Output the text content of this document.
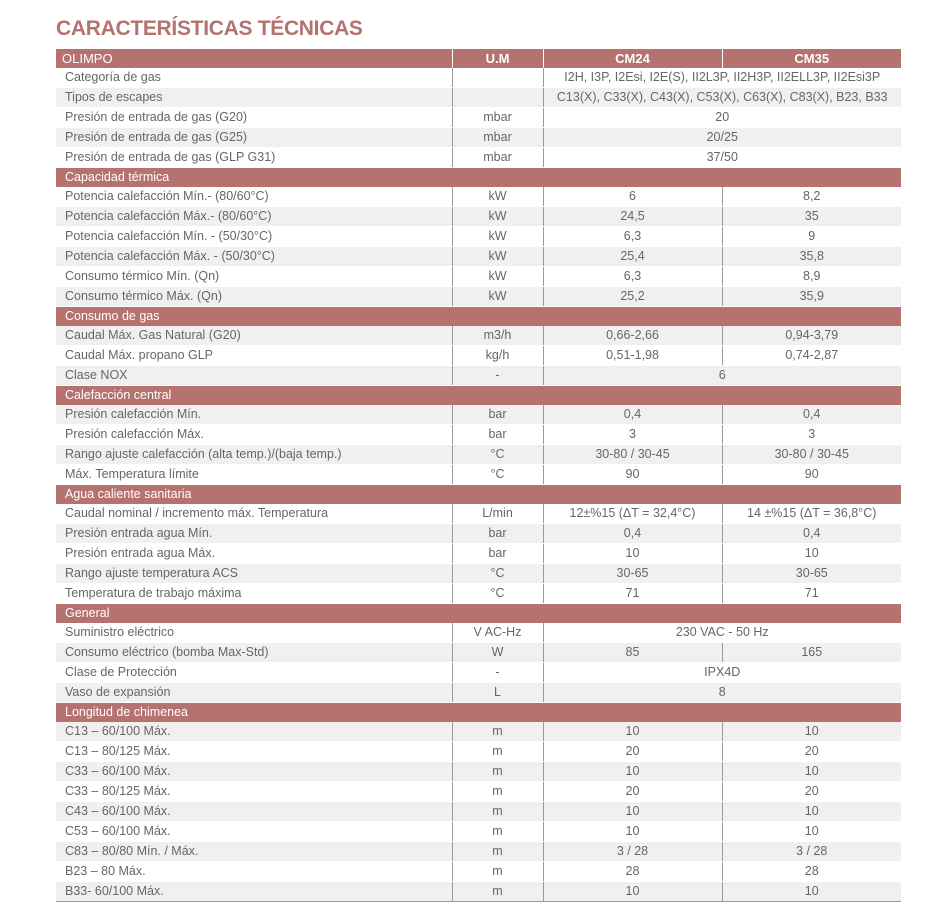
CARACTERÍSTICAS TÉCNICAS
OLIMPO	U.M	CM24	CM35
Categoría de gas		I2H, I3P, I2Esi, I2E(S), II2L3P, II2H3P, II2ELL3P, II2Esi3P	
Tipos de escapes		C13(X), C33(X), C43(X), C53(X), C63(X), C83(X), B23, B33	
Presión de entrada de gas (G20)	mbar	20	
Presión de entrada de gas (G25)	mbar	20/25	
Presión de entrada de gas (GLP G31)	mbar	37/50	
Capacidad térmica			
Potencia calefacción Mín.- (80/60°C)	kW	6	8,2
Potencia calefacción Máx.- (80/60°C)	kW	24,5	35
Potencia calefacción Mín. - (50/30°C)	kW	6,3	9
Potencia calefacción Máx. - (50/30°C)	kW	25,4	35,8
Consumo térmico Mín. (Qn)	kW	6,3	8,9
Consumo térmico Máx. (Qn)	kW	25,2	35,9
Consumo de gas			
Caudal Máx. Gas Natural (G20)	m3/h	0,66-2,66	0,94-3,79
Caudal Máx. propano GLP	kg/h	0,51-1,98	0,74-2,87
Clase NOX	-	6	
Calefacción central			
Presión calefacción Mín.	bar	0,4	0,4
Presión calefacción Máx.	bar	3	3
Rango ajuste calefacción (alta temp.)/(baja temp.)	°C	30-80 / 30-45	30-80 / 30-45
Máx. Temperatura límite	°C	90	90
Agua caliente sanitaria			
Caudal nominal / incremento máx. Temperatura	L/min	12±%15 (ΔT = 32,4°C)	14 ±%15 (ΔT = 36,8°C)
Presión entrada agua Mín.	bar	0,4	0,4
Presión entrada agua Máx.	bar	10	10
Rango ajuste temperatura ACS	°C	30-65	30-65
Temperatura de trabajo máxima	°C	71	71
General			
Suministro eléctrico	V AC-Hz	230 VAC - 50 Hz	
Consumo eléctrico (bomba Max-Std)	W	85	165
Clase de Protección	-	IPX4D	
Vaso de expansión	L	8	
Longitud de chimenea			
C13 – 60/100 Máx.	m	10	10
C13 – 80/125 Máx.	m	20	20
C33 – 60/100 Máx.	m	10	10
C33 – 80/125 Máx.	m	20	20
C43 – 60/100 Máx.	m	10	10
C53 – 60/100 Máx.	m	10	10
C83 – 80/80 Mín. / Máx.	m	3 / 28	3 / 28
B23 – 80 Máx.	m	28	28
B33- 60/100 Máx.	m	10	10
